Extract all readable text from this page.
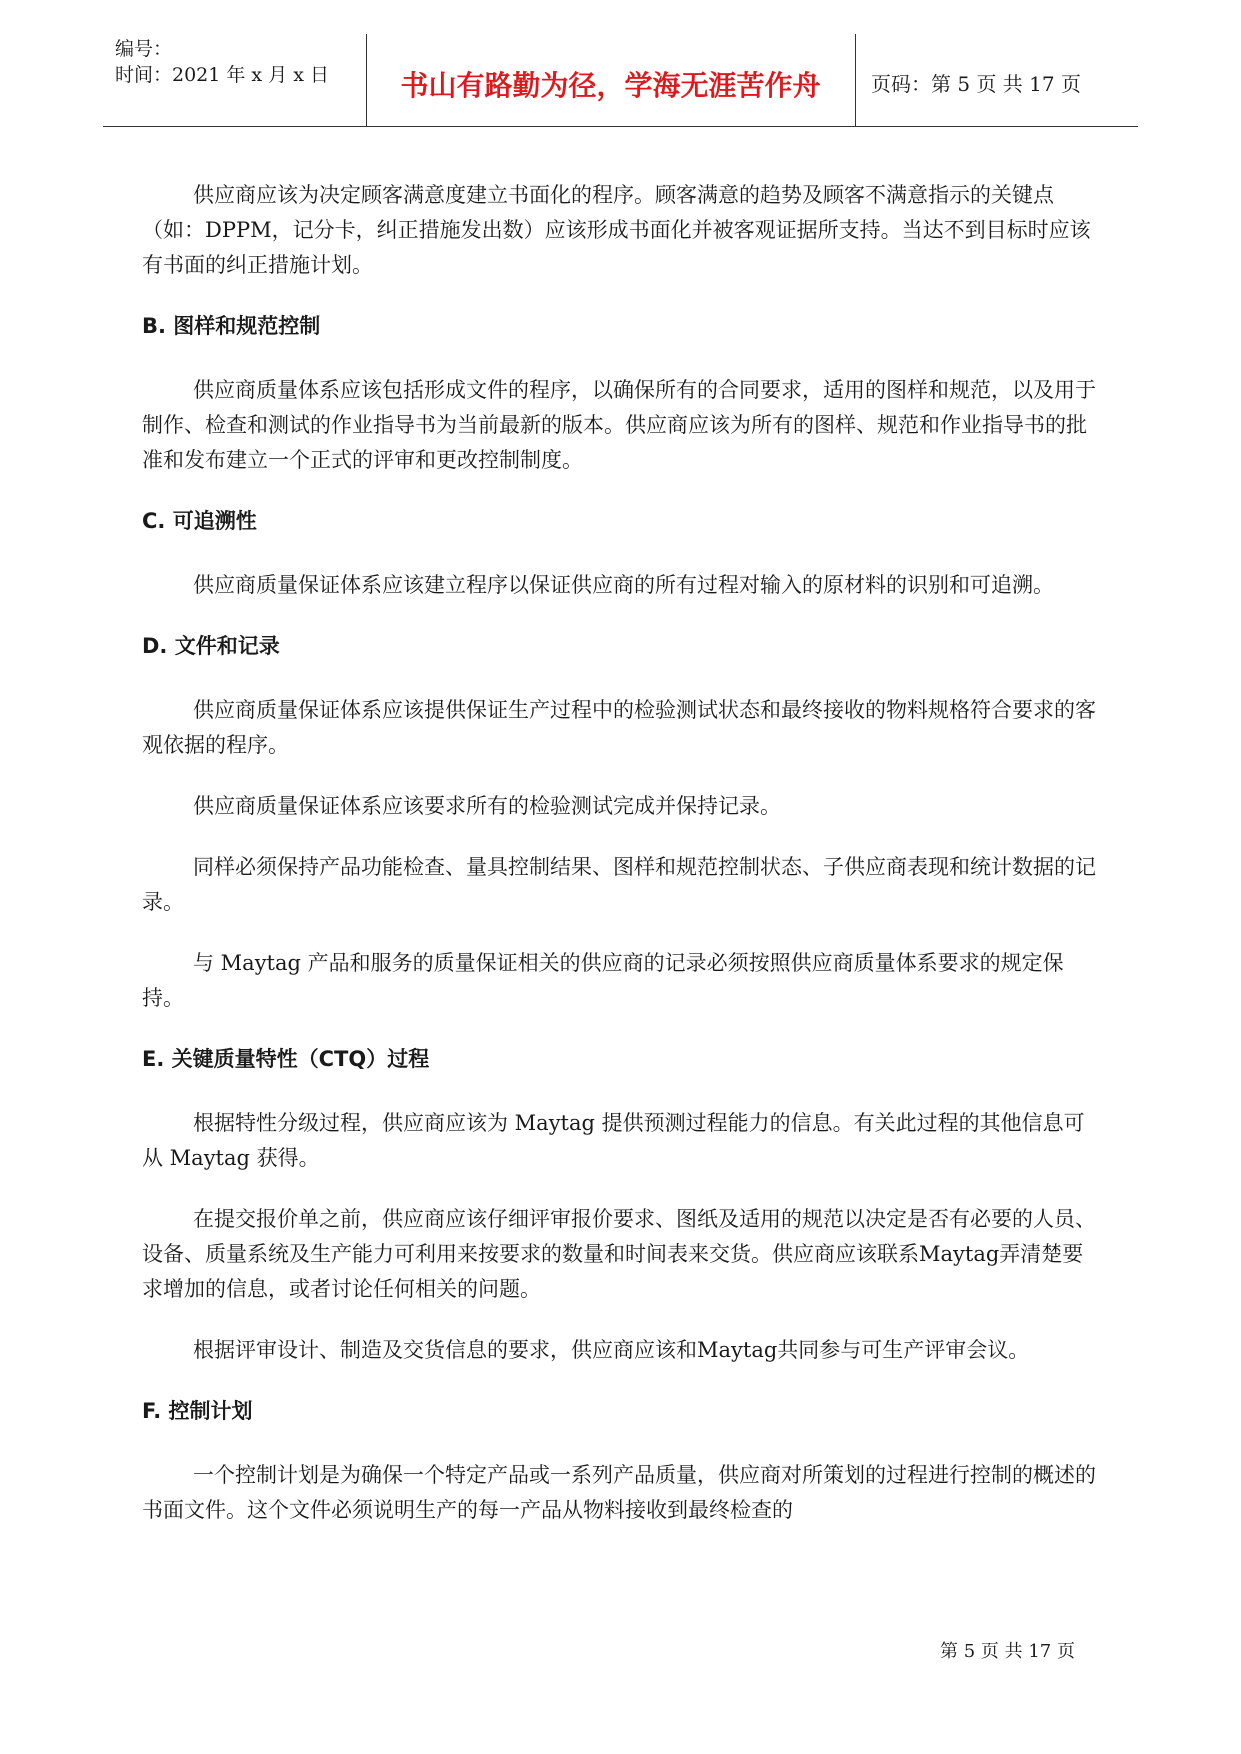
编号：
时间：2021 年 x 月 x 日	书山有路勤为径，学海无涯苦作舟	页码：第 5 页 共 17 页

供应商应该为决定顾客满意度建立书面化的程序。顾客满意的趋势及顾客不满意指示的关键点（如：DPPM，记分卡，纠正措施发出数）应该形成书面化并被客观证据所支持。当达不到目标时应该有书面的纠正措施计划。

B. 图样和规范控制

供应商质量体系应该包括形成文件的程序，以确保所有的合同要求，适用的图样和规范，以及用于制作、检查和测试的作业指导书为当前最新的版本。供应商应该为所有的图样、规范和作业指导书的批准和发布建立一个正式的评审和更改控制制度。

C. 可追溯性

供应商质量保证体系应该建立程序以保证供应商的所有过程对输入的原材料的识别和可追溯。

D. 文件和记录

供应商质量保证体系应该提供保证生产过程中的检验测试状态和最终接收的物料规格符合要求的客观依据的程序。

供应商质量保证体系应该要求所有的检验测试完成并保持记录。

同样必须保持产品功能检查、量具控制结果、图样和规范控制状态、子供应商表现和统计数据的记录。

与 Maytag 产品和服务的质量保证相关的供应商的记录必须按照供应商质量体系要求的规定保持。

E. 关键质量特性（CTQ）过程

根据特性分级过程，供应商应该为 Maytag 提供预测过程能力的信息。有关此过程的其他信息可从 Maytag 获得。

在提交报价单之前，供应商应该仔细评审报价要求、图纸及适用的规范以决定是否有必要的人员、设备、质量系统及生产能力可利用来按要求的数量和时间表来交货。供应商应该联系Maytag弄清楚要求增加的信息，或者讨论任何相关的问题。

根据评审设计、制造及交货信息的要求，供应商应该和Maytag共同参与可生产评审会议。

F. 控制计划

一个控制计划是为确保一个特定产品或一系列产品质量，供应商对所策划的过程进行控制的概述的书面文件。这个文件必须说明生产的每一产品从物料接收到最终检查的

第 5 页 共 17 页
